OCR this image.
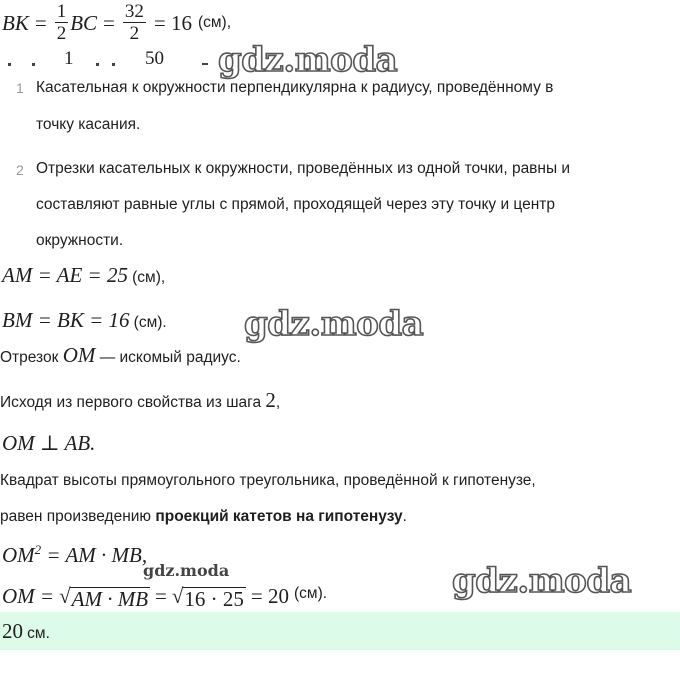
BK = $\frac{1}{2}$ BC = $\frac{32}{2} = 16$ (см),
1	50 gdz.moda
1 Касательная к окружности перпендикулярна к радиусу, проведённому в
точку касания.
2 Отрезки касательных к окружности, проведённых из одной точки, равны и
составляют равные углы с прямой, проходящей через эту точку и центр
окружности.
AM = AE = 25 (см),
BM = BK = 16 (см). gdz.moda
Отрезок OM — искомый радиус.
Исходя из первого свойства из шага 2,
OM ⊥ AB.
Квадрат высоты прямоугольного треугольника, проведённой к гипотенузе,
равен произведению проекций катетов на гипотенузу.
$OM^2$ = AM · MB,
gdz.moda
OM = √ AM · MB = √ 16 · 25 = 20 (см).	gdz.moda
20 см.
